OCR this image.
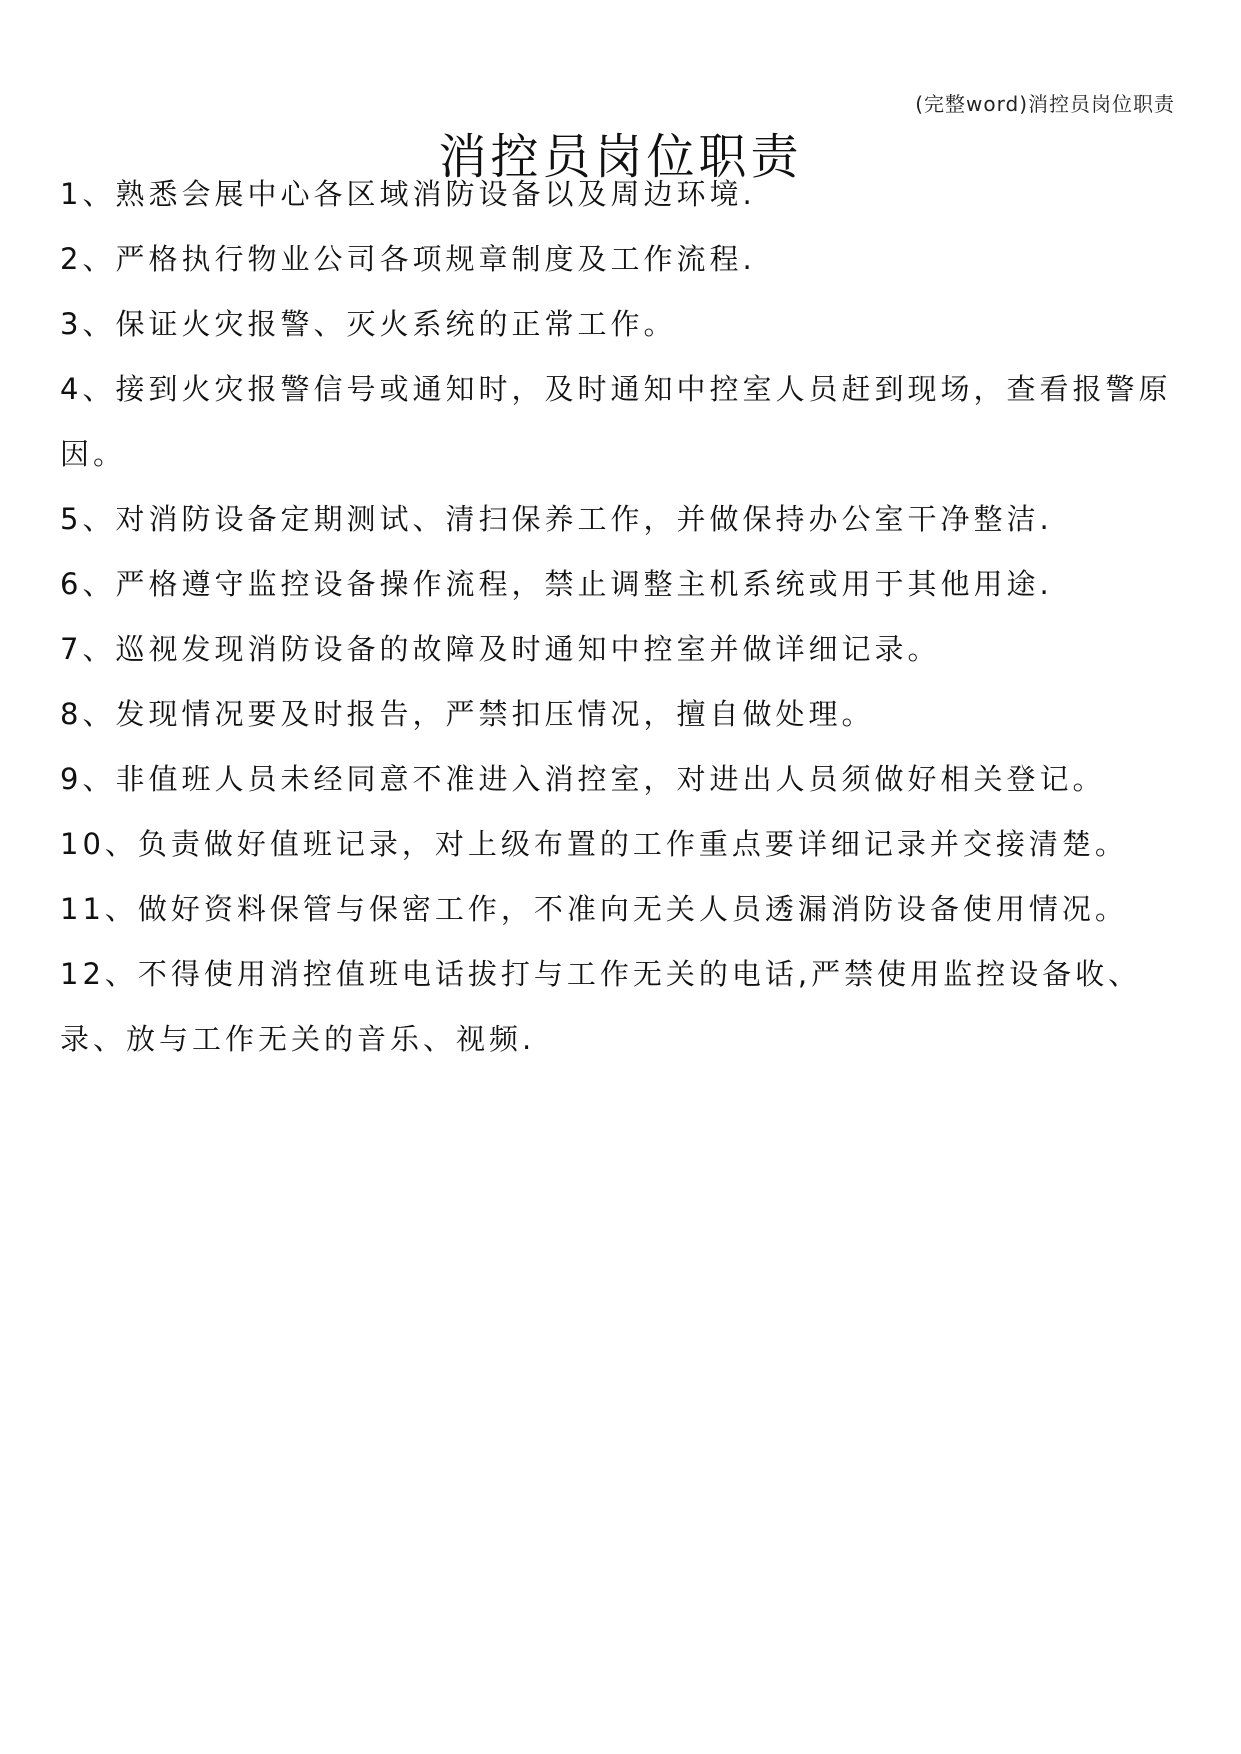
(完整word)消控员岗位职责
消控员岗位职责
1、熟悉会展中心各区域消防设备以及周边环境.
2、严格执行物业公司各项规章制度及工作流程.
3、保证火灾报警、灭火系统的正常工作。
4、接到火灾报警信号或通知时，及时通知中控室人员赶到现场，查看报警原因。
5、对消防设备定期测试、清扫保养工作，并做保持办公室干净整洁.
6、严格遵守监控设备操作流程，禁止调整主机系统或用于其他用途.
7、巡视发现消防设备的故障及时通知中控室并做详细记录。
8、发现情况要及时报告，严禁扣压情况，擅自做处理。
9、非值班人员未经同意不准进入消控室，对进出人员须做好相关登记。
10、负责做好值班记录，对上级布置的工作重点要详细记录并交接清楚。
11、做好资料保管与保密工作，不准向无关人员透漏消防设备使用情况。
12、不得使用消控值班电话拔打与工作无关的电话,严禁使用监控设备收、录、放与工作无关的音乐、视频.
